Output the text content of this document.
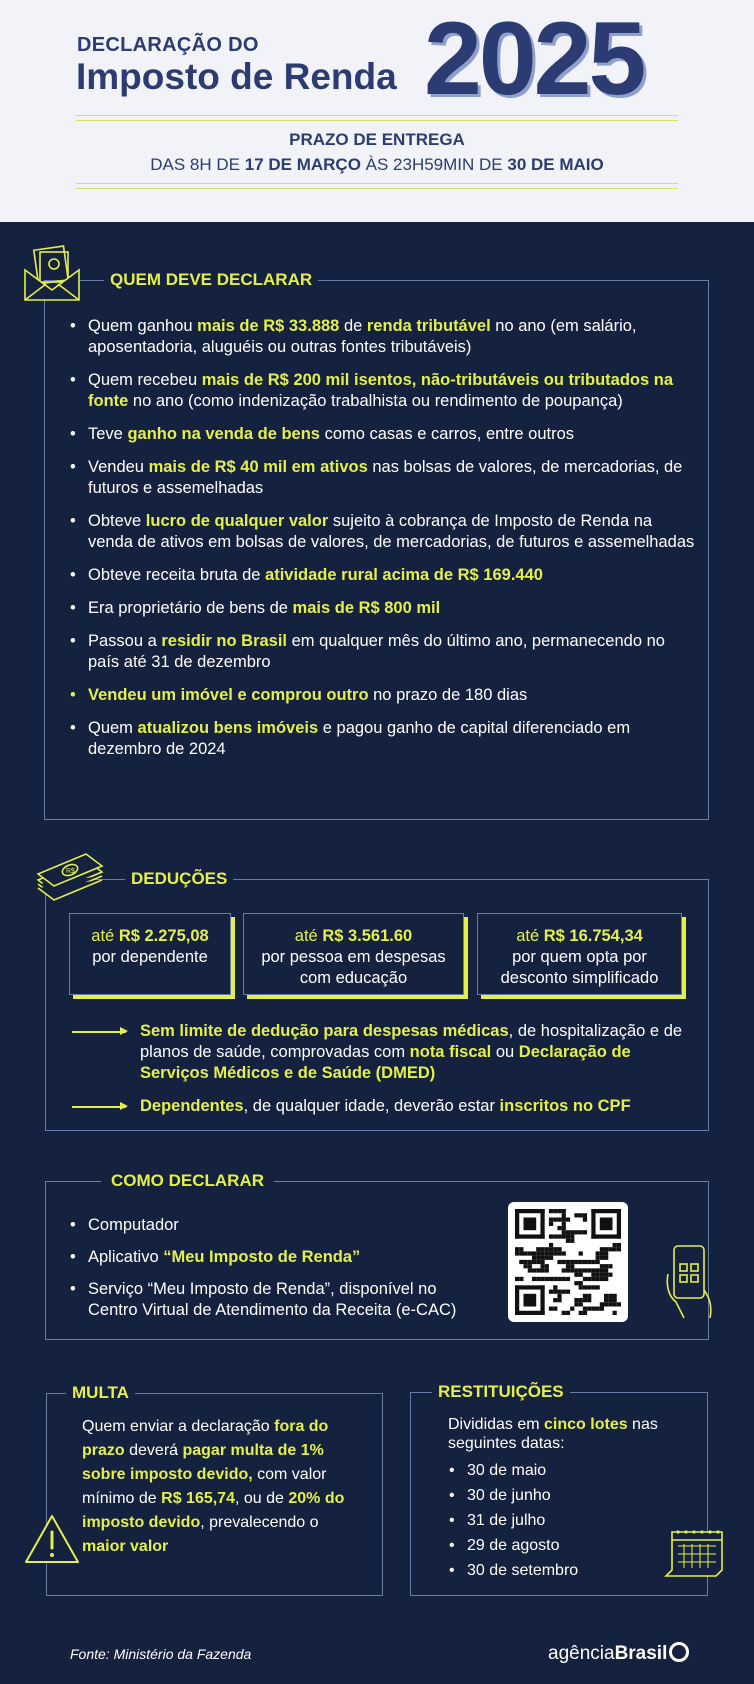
DECLARAÇÃO DO
Imposto de Renda 2025
PRAZO DE ENTREGA
DAS 8H DE 17 DE MARÇO ÀS 23H59MIN DE 30 DE MAIO
QUEM DEVE DECLARAR
• Quem ganhou mais de R$ 33.888 de renda tributável no ano (em salário, aposentadoria, aluguéis ou outras fontes tributáveis)
• Quem recebeu mais de R$ 200 mil isentos, não-tributáveis ou tributados na fonte no ano (como indenização trabalhista ou rendimento de poupança)
• Teve ganho na venda de bens como casas e carros, entre outros
• Vendeu mais de R$ 40 mil em ativos nas bolsas de valores, de mercadorias, de futuros e assemelhadas
• Obteve lucro de qualquer valor sujeito à cobrança de Imposto de Renda na venda de ativos em bolsas de valores, de mercadorias, de futuros e assemelhadas
• Obteve receita bruta de atividade rural acima de R$ 169.440
• Era proprietário de bens de mais de R$ 800 mil
• Passou a residir no Brasil em qualquer mês do último ano, permanecendo no país até 31 de dezembro
• Vendeu um imóvel e comprou outro no prazo de 180 dias
• Quem atualizou bens imóveis e pagou ganho de capital diferenciado em dezembro de 2024
R$	DEDUÇÕES
até R$ 2.275,08
por dependente
até R$ 3.561.60
por pessoa em despesas com educação
até R$ 16.754,34
por quem opta por desconto simplificado
Sem limite de dedução para despesas médicas, de hospitalização e de planos de saúde, comprovadas com nota fiscal ou Declaração de Serviços Médicos e de Saúde (DMED)
Dependentes, de qualquer idade, deverão estar inscritos no CPF
COMO DECLARAR
• Computador
• Aplicativo “Meu Imposto de Renda”
• Serviço “Meu Imposto de Renda”, disponível no Centro Virtual de Atendimento da Receita (e-CAC)
MULTA
Quem enviar a declaração fora do prazo deverá pagar multa de 1% sobre imposto devido, com valor mínimo de R$ 165,74, ou de 20% do imposto devido, prevalecendo o maior valor
RESTITUIÇÕES
Divididas em cinco lotes nas seguintes datas:
• 30 de maio
• 30 de junho
• 31 de julho
• 29 de agosto
• 30 de setembro
Fonte: Ministério da Fazenda	agênciaBrasil
